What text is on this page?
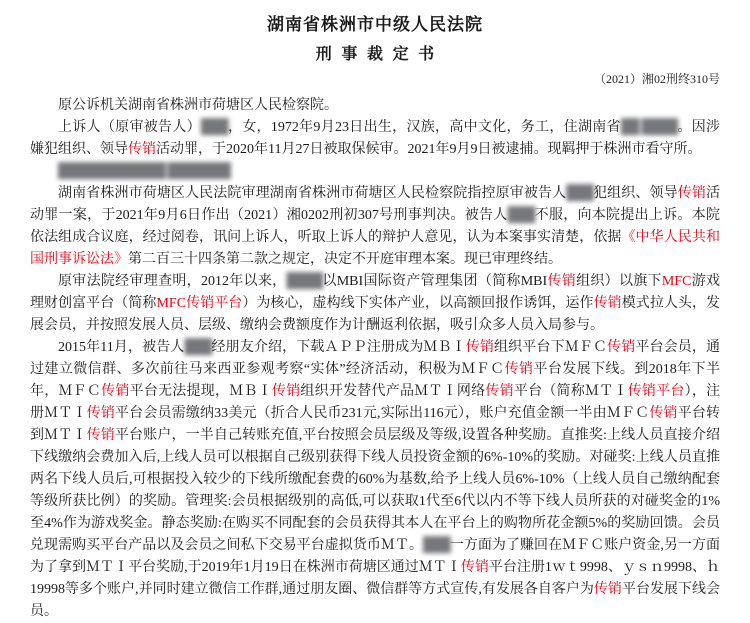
湖南省株洲市中级人民法院
刑事裁定书
（2021）湘02刑终310号

原公诉机关湖南省株洲市荷塘区人民检察院。

上诉人（原审被告人）███，女，1972年9月23日出生，汉族，高中文化，务工，住湖南省██ ████。因涉嫌犯组织、领导传销活动罪，于2020年11月27日被取保候审。2021年9月9日被逮捕。现羁押于株洲市看守所。

████████████ ███████

湖南省株洲市荷塘区人民法院审理湖南省株洲市荷塘区人民检察院指控原审被告人███犯组织、领导传销活动罪一案，于2021年9月6日作出（2021）湘0202刑初307号刑事判决。被告人███不服，向本院提出上诉。本院依法组成合议庭，经过阅卷，讯问上诉人，听取上诉人的辩护人意见，认为本案事实清楚，依据《中华人民共和国刑事诉讼法》第二百三十四条第二款之规定，决定不开庭审理本案。现已审理终结。

原审法院经审理查明，2012年以来，████以MBI国际资产管理集团（简称MBI传销组织）以旗下MFC游戏理财创富平台（简称MFC传销平台）为核心，虚构线下实体产业，以高额回报作诱饵，运作传销模式拉人头，发展会员，并按照发展人员、层级、缴纳会费额度作为计酬返利依据，吸引众多人员入局参与。

2015年11月，被告人███经朋友介绍，下载ＡＰＰ注册成为ＭＢＩ传销组织平台下ＭＦＣ传销平台会员，通过建立微信群、多次前往马来西亚参观考察“实体”经济活动，积极为ＭＦＣ传销平台发展下线。到2018年下半年，ＭＦＣ传销平台无法提现，ＭＢＩ传销组织开发替代产品ＭＴＩ网络传销平台（简称ＭＴＩ传销平台），注册ＭＴＩ传销平台会员需缴纳33美元（折合人民币231元,实际出116元），账户充值金额一半由ＭＦＣ传销平台转到ＭＴＩ传销平台账户，一半自己转账充值,平台按照会员层级及等级,设置各种奖励。直推奖:上线人员直接介绍下线缴纳会费加入后,上线人员可以根据自己级别获得下线人员投资金额的6%-10%的奖励。对碰奖:上线人员直推两名下线人员后,可根据投入较少的下线所缴配套费的60%为基数,给予上线人员6%-10%（上线人员自己缴纳配套等级所获比例）的奖励。管理奖:会员根据级别的高低,可以获取1代至6代以内不等下线人员所获的对碰奖金的1%至4%作为游戏奖金。静态奖励:在购买不同配套的会员获得其本人在平台上的购物所花金额5%的奖励回馈。会员兑现需购买平台产品以及会员之间私下交易平台虚拟货币ＭＴ。███一方面为了赚回在ＭＦＣ账户资金,另一方面为了拿到ＭＴＩ平台奖励,于2019年1月19日在株洲市荷塘区通过ＭＴＩ传销平台注册1ｗｔ9998、ｙｓｎ9998、ｈ19998等多个账户,并同时建立微信工作群,通过朋友圈、微信群等方式宣传,有发展各自客户为传销平台发展下线会员。
